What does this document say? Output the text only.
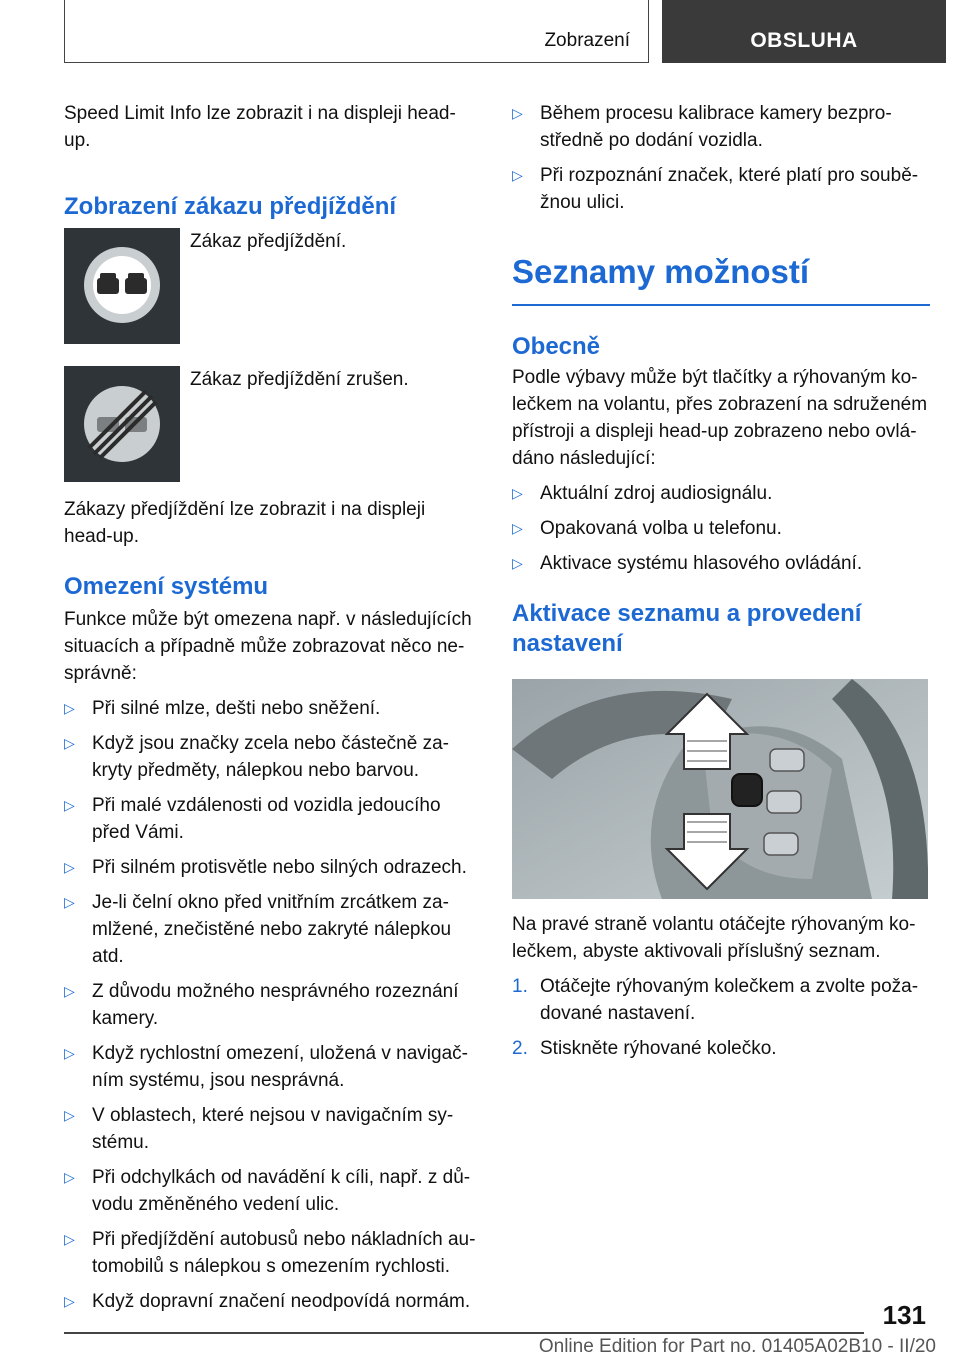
Zobrazení	OBSLUHA

Speed Limit Info lze zobrazit i na displeji head‐up.

Zobrazení zákazu předjíždění

Zákaz předjíždění.

Zákaz předjíždění zrušen.

Zákazy předjíždění lze zobrazit i na displeji head‐up.

Omezení systému

Funkce může být omezena např. v následujících situacích a případně může zobrazovat něco ne‐správně:

▷ Při silné mlze, dešti nebo sněžení.
▷ Když jsou značky zcela nebo částečně za‐kryty předměty, nálepkou nebo barvou.
▷ Při malé vzdálenosti od vozidla jedoucího před Vámi.
▷ Při silném protisvětle nebo silných odrazech.
▷ Je-li čelní okno před vnitřním zrcátkem za‐mlžené, znečistěné nebo zakryté nálepkou atd.
▷ Z důvodu možného nesprávného rozeznání kamery.
▷ Když rychlostní omezení, uložená v navigač‐ním systému, jsou nesprávná.
▷ V oblastech, které nejsou v navigačním sy‐stému.
▷ Při odchylkách od navádění k cíli, např. z dů‐vodu změněného vedení ulic.
▷ Při předjíždění autobusů nebo nákladních au‐tomobilů s nálepkou s omezením rychlosti.
▷ Když dopravní značení neodpovídá normám.
▷ Během procesu kalibrace kamery bezpro‐středně po dodání vozidla.
▷ Při rozpoznání značek, které platí pro soubě‐žnou ulici.
Seznamy možností
Obecně

Podle výbavy může být tlačítky a rýhovaným ko‐lečkem na volantu, přes zobrazení na sdruženém přístroji a displeji head-up zobrazeno nebo ovlá‐dáno následující:

▷ Aktuální zdroj audiosignálu.
▷ Opakovaná volba u telefonu.
▷ Aktivace systému hlasového ovládání.
Aktivace seznamu a provedení nastavení

Na pravé straně volantu otáčejte rýhovaným ko‐lečkem, abyste aktivovali příslušný seznam.

1. Otáčejte rýhovaným kolečkem a zvolte poža‐dované nastavení.
2. Stiskněte rýhované kolečko.
131
Online Edition for Part no. 01405A02B10 - II/20
